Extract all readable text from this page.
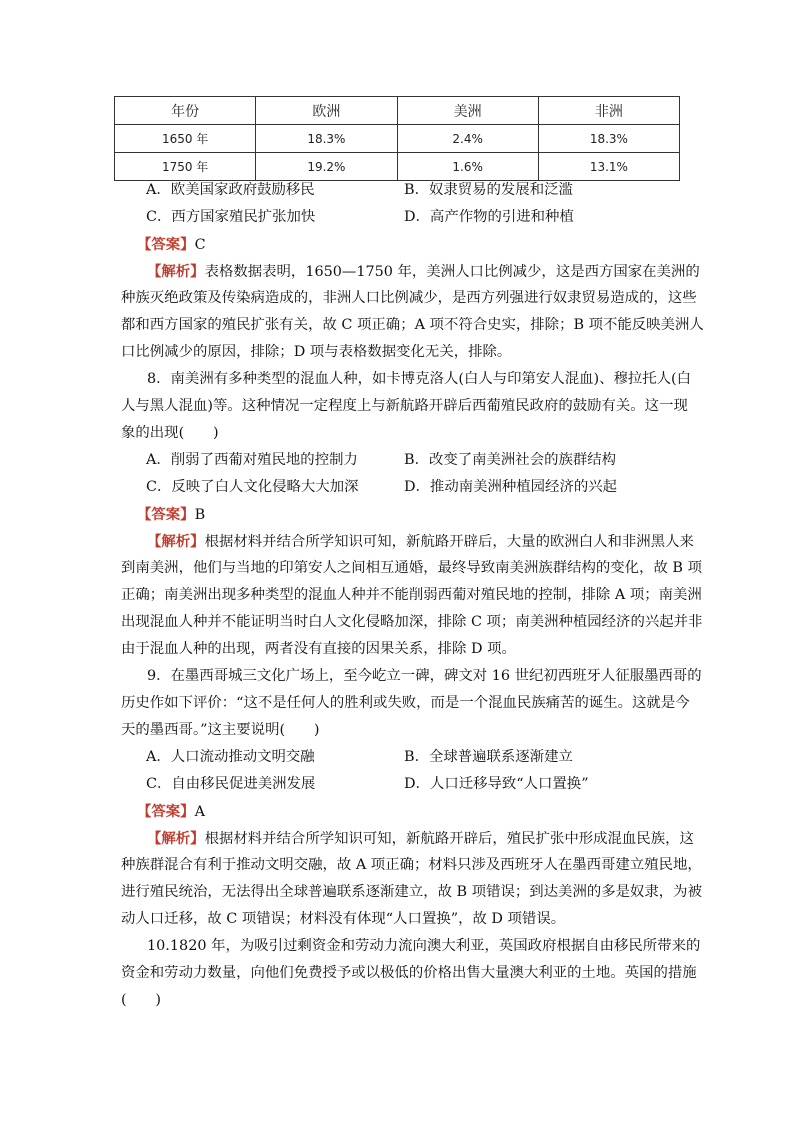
年份	欧洲	美洲	非洲
1650 年	18.3%	2.4%	18.3%
1750 年	19.2%	1.6%	13.1%
A．欧美国家政府鼓励移民	B．奴隶贸易的发展和泛滥
C．西方国家殖民扩张加快	D．高产作物的引进和种植
【答案】C
【解析】表格数据表明，1650—1750 年，美洲人口比例减少，这是西方国家在美洲的
种族灭绝政策及传染病造成的，非洲人口比例减少，是西方列强进行奴隶贸易造成的，这些
都和西方国家的殖民扩张有关，故 C 项正确；A 项不符合史实，排除；B 项不能反映美洲人
口比例减少的原因，排除；D 项与表格数据变化无关，排除。
8．南美洲有多种类型的混血人种，如卡博克洛人(白人与印第安人混血)、穆拉托人(白
人与黑人混血)等。这种情况一定程度上与新航路开辟后西葡殖民政府的鼓励有关。这一现
象的出现(　　)
A．削弱了西葡对殖民地的控制力	B．改变了南美洲社会的族群结构
C．反映了白人文化侵略大大加深	D．推动南美洲种植园经济的兴起
【答案】B
【解析】根据材料并结合所学知识可知，新航路开辟后，大量的欧洲白人和非洲黑人来
到南美洲，他们与当地的印第安人之间相互通婚，最终导致南美洲族群结构的变化，故 B 项
正确；南美洲出现多种类型的混血人种并不能削弱西葡对殖民地的控制，排除 A 项；南美洲
出现混血人种并不能证明当时白人文化侵略加深，排除 C 项；南美洲种植园经济的兴起并非
由于混血人种的出现，两者没有直接的因果关系，排除 D 项。
9．在墨西哥城三文化广场上，至今屹立一碑，碑文对 16 世纪初西班牙人征服墨西哥的
历史作如下评价：“这不是任何人的胜利或失败，而是一个混血民族痛苦的诞生。这就是今
天的墨西哥。”这主要说明(　　)
A．人口流动推动文明交融	B．全球普遍联系逐渐建立
C．自由移民促进美洲发展	D．人口迁移导致“人口置换”
【答案】A
【解析】根据材料并结合所学知识可知，新航路开辟后，殖民扩张中形成混血民族，这
种族群混合有利于推动文明交融，故 A 项正确；材料只涉及西班牙人在墨西哥建立殖民地，
进行殖民统治，无法得出全球普遍联系逐渐建立，故 B 项错误；到达美洲的多是奴隶，为被
动人口迁移，故 C 项错误；材料没有体现“人口置换”，故 D 项错误。
10.1820 年，为吸引过剩资金和劳动力流向澳大利亚，英国政府根据自由移民所带来的
资金和劳动力数量，向他们免费授予或以极低的价格出售大量澳大利亚的土地。英国的措施
(　　)
